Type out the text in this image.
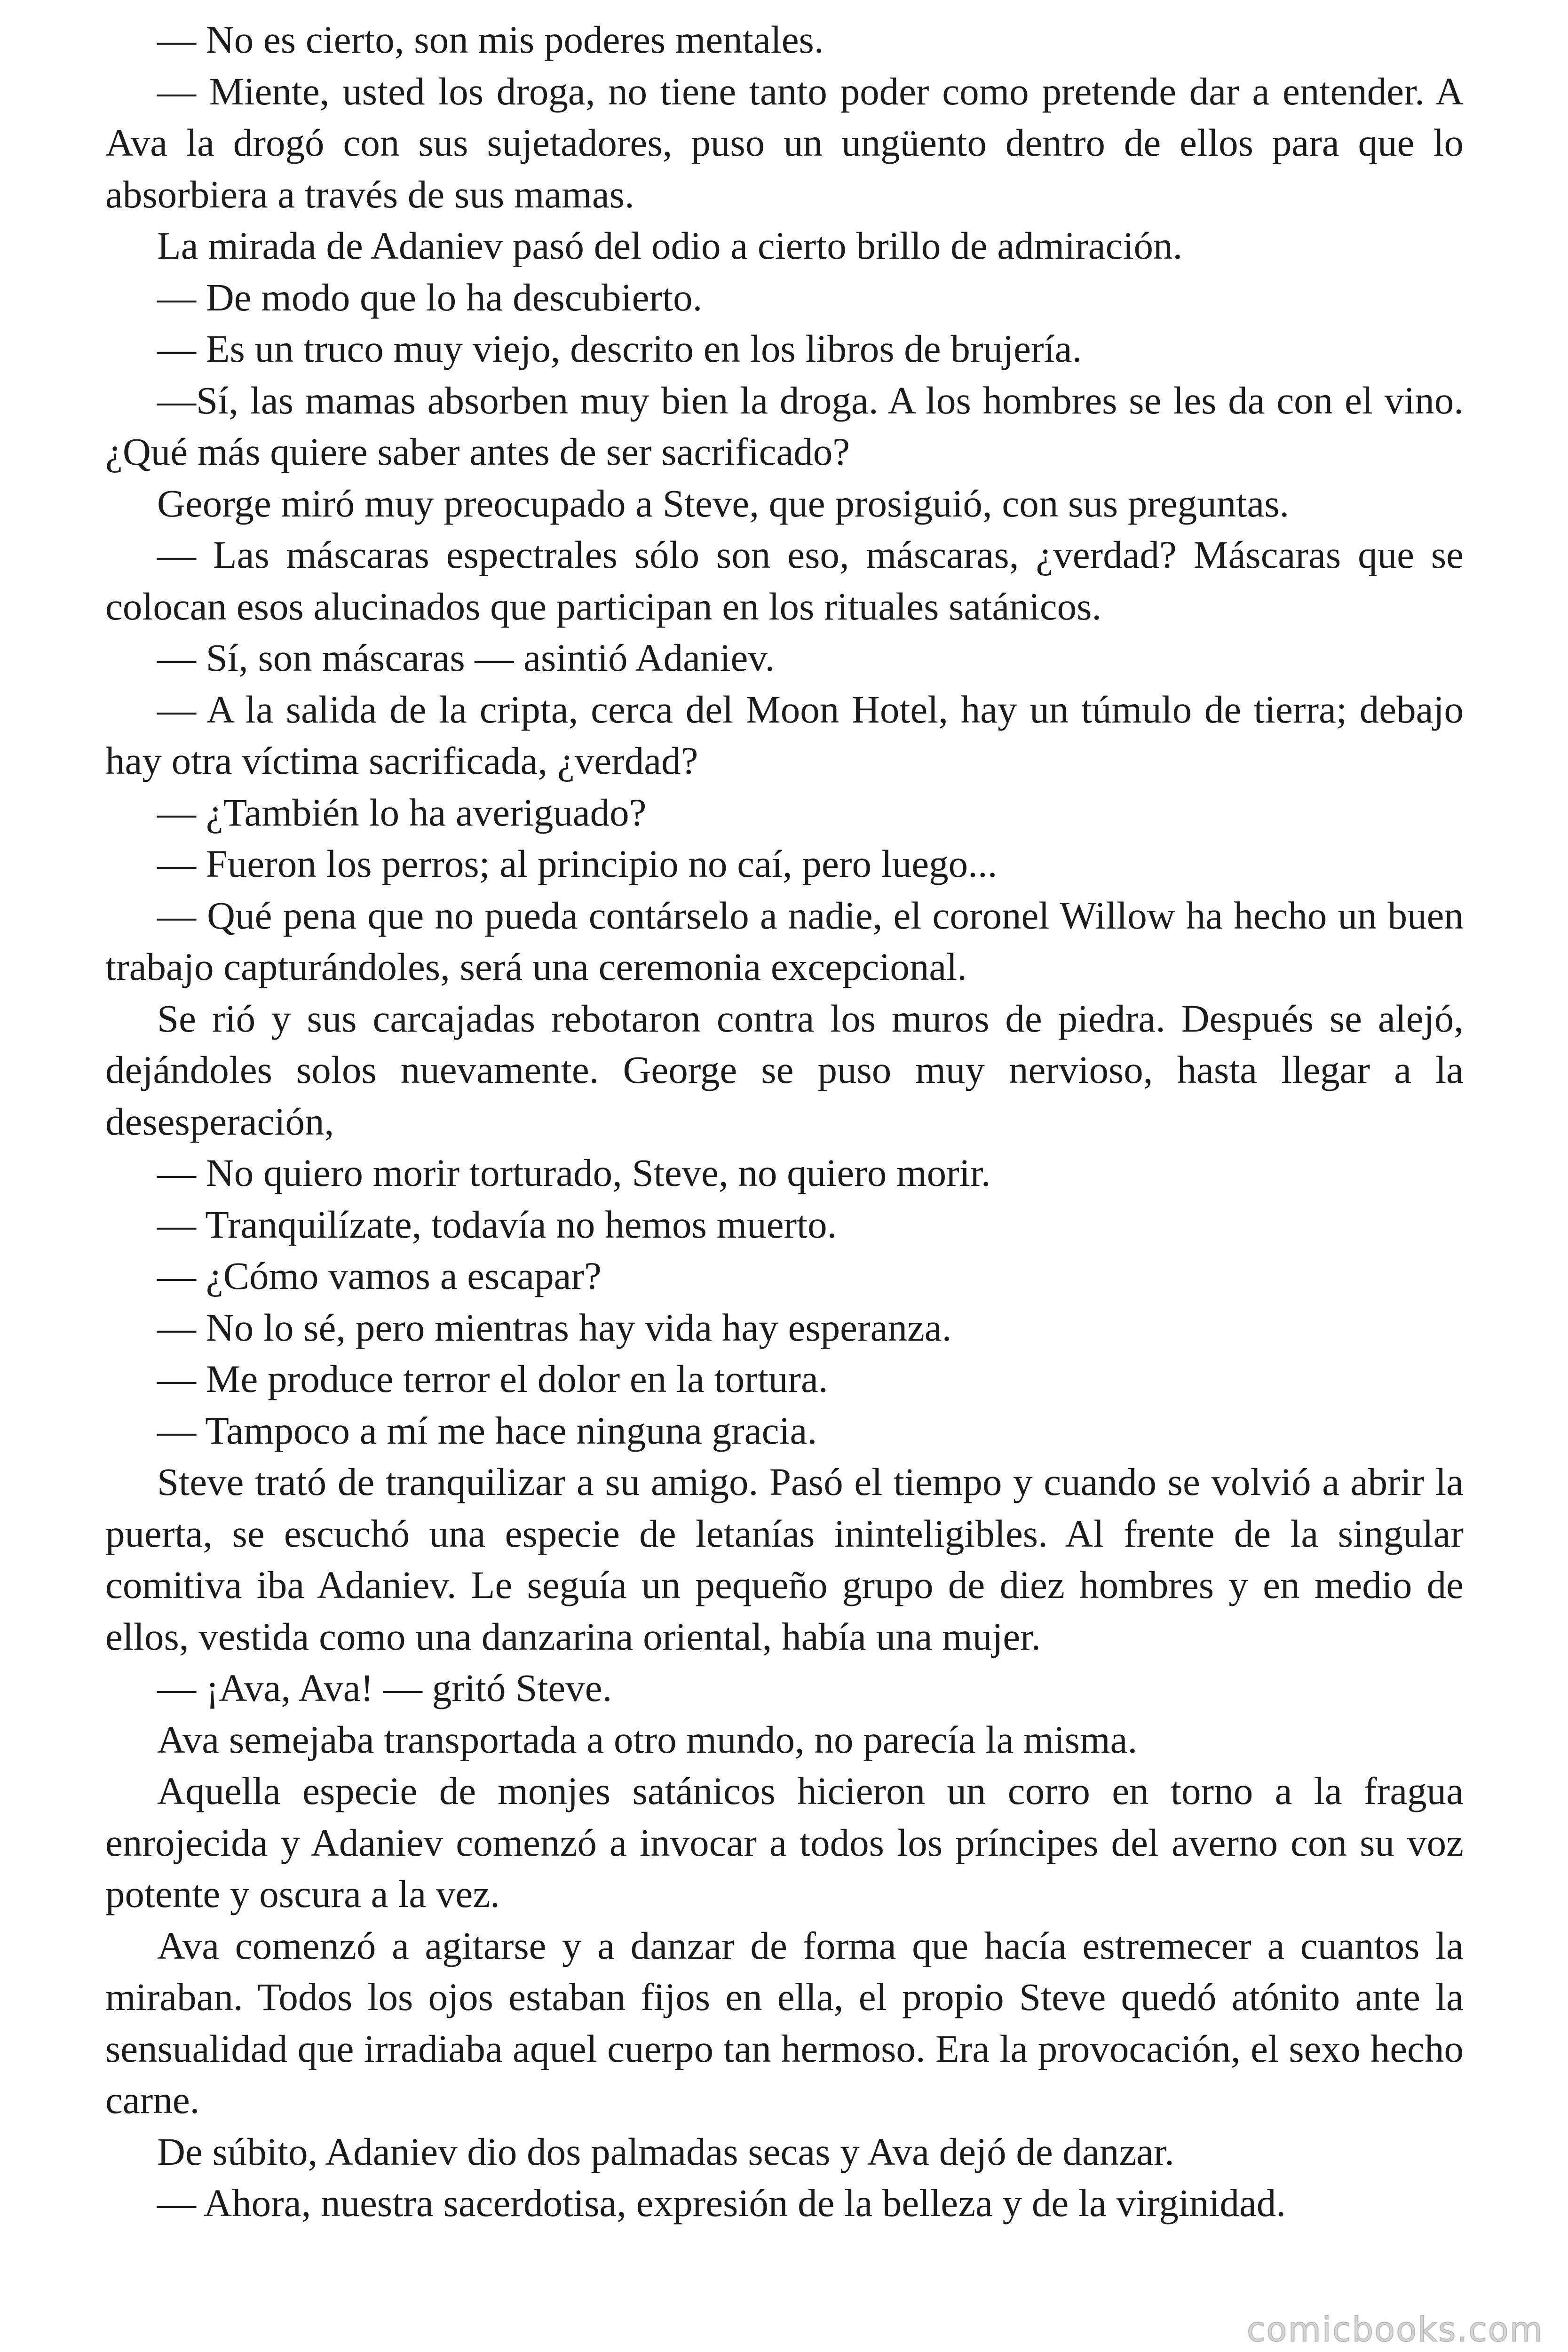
— No es cierto, son mis poderes mentales.

— Miente, usted los droga, no tiene tanto poder como pretende dar a entender. A Ava la drogó con sus sujetadores, puso un ungüento dentro de ellos para que lo absorbiera a través de sus mamas.

La mirada de Adaniev pasó del odio a cierto brillo de admiración.

— De modo que lo ha descubierto.

— Es un truco muy viejo, descrito en los libros de brujería.

—Sí, las mamas absorben muy bien la droga. A los hombres se les da con el vino. ¿Qué más quiere saber antes de ser sacrificado?

George miró muy preocupado a Steve, que prosiguió, con sus preguntas.

— Las máscaras espectrales sólo son eso, máscaras, ¿verdad? Máscaras que se colocan esos alucinados que participan en los rituales satánicos.

— Sí, son máscaras — asintió Adaniev.

— A la salida de la cripta, cerca del Moon Hotel, hay un túmulo de tierra; debajo hay otra víctima sacrificada, ¿verdad?

— ¿También lo ha averiguado?

— Fueron los perros; al principio no caí, pero luego...

— Qué pena que no pueda contárselo a nadie, el coronel Willow ha hecho un buen trabajo capturándoles, será una ceremonia excepcional.

Se rió y sus carcajadas rebotaron contra los muros de piedra. Después se alejó, dejándoles solos nuevamente. George se puso muy nervioso, hasta llegar a la desesperación,

— No quiero morir torturado, Steve, no quiero morir.

— Tranquilízate, todavía no hemos muerto.

— ¿Cómo vamos a escapar?

— No lo sé, pero mientras hay vida hay esperanza.

— Me produce terror el dolor en la tortura.

— Tampoco a mí me hace ninguna gracia.

Steve trató de tranquilizar a su amigo. Pasó el tiempo y cuando se volvió a abrir la puerta, se escuchó una especie de letanías ininteligibles. Al frente de la singular comitiva iba Adaniev. Le seguía un pequeño grupo de diez hombres y en medio de ellos, vestida como una danzarina oriental, había una mujer.

— ¡Ava, Ava! — gritó Steve.

Ava semejaba transportada a otro mundo, no parecía la misma.

Aquella especie de monjes satánicos hicieron un corro en torno a la fragua enrojecida y Adaniev comenzó a invocar a todos los príncipes del averno con su voz potente y oscura a la vez.

Ava comenzó a agitarse y a danzar de forma que hacía estremecer a cuantos la miraban. Todos los ojos estaban fijos en ella, el propio Steve quedó atónito ante la sensualidad que irradiaba aquel cuerpo tan hermoso. Era la provocación, el sexo hecho carne.

De súbito, Adaniev dio dos palmadas secas y Ava dejó de danzar.

— Ahora, nuestra sacerdotisa, expresión de la belleza y de la virginidad.

comicbooks.com
